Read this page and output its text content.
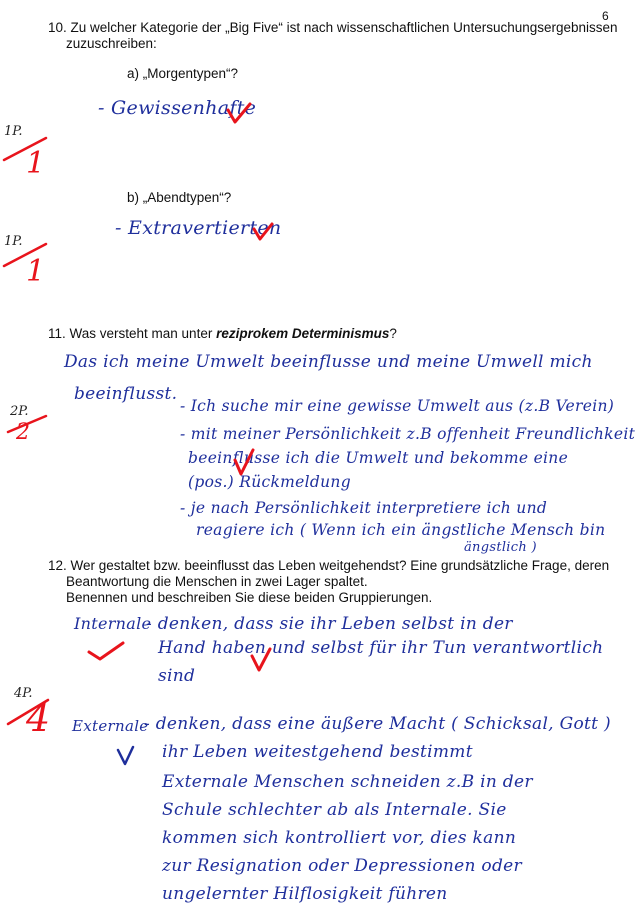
6
10. Zu welcher Kategorie der „Big Five“ ist nach wissenschaftlichen Untersuchungsergebnissen
zuzuschreiben:
a) „Morgentypen“?
- Gewissenhafte
1P.
1
b) „Abendtypen“?
- Extravertierten
1P.
1
11. Was versteht man unter reziprokem Determinismus?
Das ich meine Umwelt beeinflusse und meine Umwell mich
beeinflusst.
- Ich suche mir eine gewisse Umwelt aus (z.B Verein)
- mit meiner Persönlichkeit z.B offenheit Freundlichkeit
beeinflusse ich die Umwelt und bekomme eine
(pos.) Rückmeldung
- je nach Persönlichkeit interpretiere ich und
reagiere ich ( Wenn ich ein ängstliche Mensch bin
ängstlich )
2P.
2
12. Wer gestaltet bzw. beeinflusst das Leben weitgehendst? Eine grundsätzliche Frage, deren
Beantwortung die Menschen in zwei Lager spaltet.
Benennen und beschreiben Sie diese beiden Gruppierungen.
Internale
- denken, dass sie ihr Leben selbst in der
Hand haben und selbst für ihr Tun verantwortlich
sind
4P.
4 Externale
- denken, dass eine äußere Macht ( Schicksal, Gott )
ihr Leben weitestgehend bestimmt
Externale Menschen schneiden z.B in der
Schule schlechter ab als Internale. Sie
kommen sich kontrolliert vor, dies kann
zur Resignation oder Depressionen oder
ungelernter Hilflosigkeit führen
